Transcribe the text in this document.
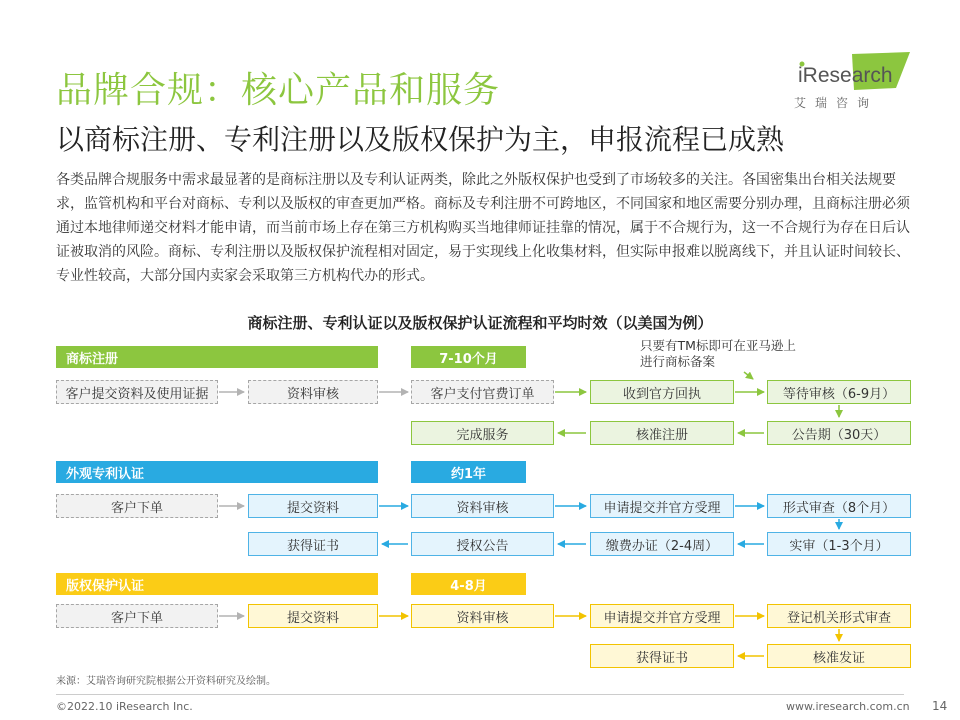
品牌合规：核心产品和服务
以商标注册、专利注册以及版权保护为主，申报流程已成熟
iResearch
艾瑞咨询
各类品牌合规服务中需求最显著的是商标注册以及专利认证两类，除此之外版权保护也受到了市场较多的关注。各国密集出台相关法规要求，监管机构和平台对商标、专利以及版权的审查更加严格。商标及专利注册不可跨地区，不同国家和地区需要分别办理，且商标注册必须通过本地律师递交材料才能申请，而当前市场上存在第三方机构购买当地律师证挂靠的情况，属于不合规行为，这一不合规行为存在日后认证被取消的风险。商标、专利注册以及版权保护流程相对固定，易于实现线上化收集材料，但实际申报难以脱离线下，并且认证时间较长、专业性较高，大部分国内卖家会采取第三方机构代办的形式。
商标注册、专利认证以及版权保护认证流程和平均时效（以美国为例）
商标注册	7-10个月
只要有TM标即可在亚马逊上
进行商标备案
客户提交资料及使用证据	资料审核	客户支付官费订单	收到官方回执	等待审核（6-9月）
完成服务	核准注册	公告期（30天）
外观专利认证	约1年
客户下单	提交资料	资料审核	申请提交并官方受理	形式审查（8个月）
获得证书	授权公告	缴费办证（2-4周）	实审（1-3个月）
版权保护认证	4-8月
客户下单	提交资料	资料审核	申请提交并官方受理	登记机关形式审查
获得证书	核准发证
来源：艾瑞咨询研究院根据公开资料研究及绘制。
©2022.10 iResearch Inc.	www.iresearch.com.cn 14
